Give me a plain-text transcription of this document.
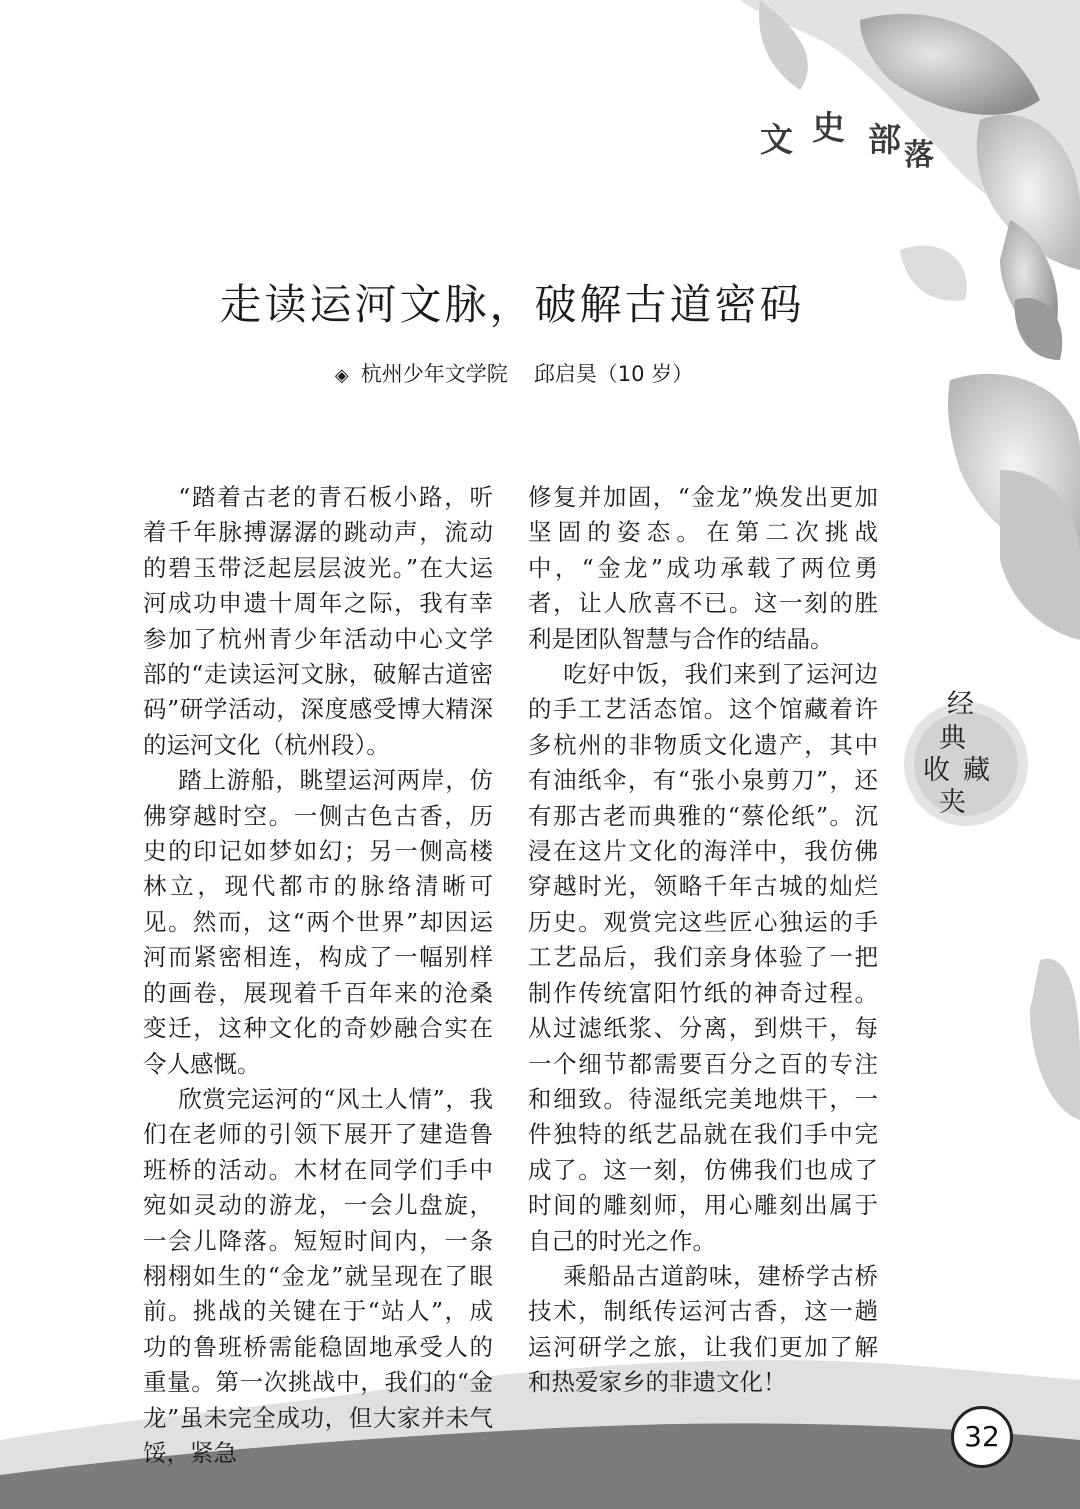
文 史 部 落
走读运河文脉，破解古道密码
◈ 杭州少年文学院 邱启昊（10 岁）

“踏着古老的青石板小路，听着千年脉搏潺潺的跳动声，流动的碧玉带泛起层层波光。”在大运河成功申遗十周年之际，我有幸参加了杭州青少年活动中心文学部的“走读运河文脉，破解古道密码”研学活动，深度感受博大精深的运河文化（杭州段）。

踏上游船，眺望运河两岸，仿佛穿越时空。一侧古色古香，历史的印记如梦如幻；另一侧高楼林立，现代都市的脉络清晰可见。然而，这“两个世界”却因运河而紧密相连，构成了一幅别样的画卷，展现着千百年来的沧桑变迁，这种文化的奇妙融合实在令人感慨。

欣赏完运河的“风土人情”，我们在老师的引领下展开了建造鲁班桥的活动。木材在同学们手中宛如灵动的游龙，一会儿盘旋，一会儿降落。短短时间内，一条栩栩如生的“金龙”就呈现在了眼前。挑战的关键在于“站人”，成功的鲁班桥需能稳固地承受人的重量。第一次挑战中，我们的“金龙”虽未完全成功，但大家并未气馁，紧急

修复并加固，“金龙”焕发出更加坚固的姿态。在第二次挑战中，“金龙”成功承载了两位勇者，让人欣喜不已。这一刻的胜利是团队智慧与合作的结晶。

吃好中饭，我们来到了运河边的手工艺活态馆。这个馆藏着许多杭州的非物质文化遗产，其中有油纸伞，有“张小泉剪刀”，还有那古老而典雅的“蔡伦纸”。沉浸在这片文化的海洋中，我仿佛穿越时光，领略千年古城的灿烂历史。观赏完这些匠心独运的手工艺品后，我们亲身体验了一把制作传统富阳竹纸的神奇过程。从过滤纸浆、分离，到烘干，每一个细节都需要百分之百的专注和细致。待湿纸完美地烘干，一件独特的纸艺品就在我们手中完成了。这一刻，仿佛我们也成了时间的雕刻师，用心雕刻出属于自己的时光之作。

乘船品古道韵味，建桥学古桥技术，制纸传运河古香，这一趟运河研学之旅，让我们更加了解和热爱家乡的非遗文化！

经
典
收 藏
夹
32
